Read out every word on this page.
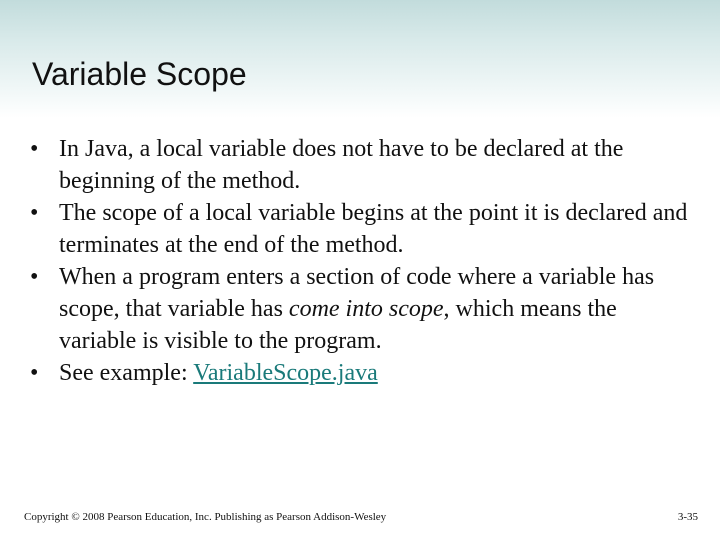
Variable Scope
• In Java, a local variable does not have to be declared at the beginning of the method.
• The scope of a local variable begins at the point it is declared and terminates at the end of the method.
• When a program enters a section of code where a variable has scope, that variable has come into scope, which means the variable is visible to the program.
• See example: VariableScope.java
Copyright © 2008 Pearson Education, Inc. Publishing as Pearson Addison-Wesley	3-35
